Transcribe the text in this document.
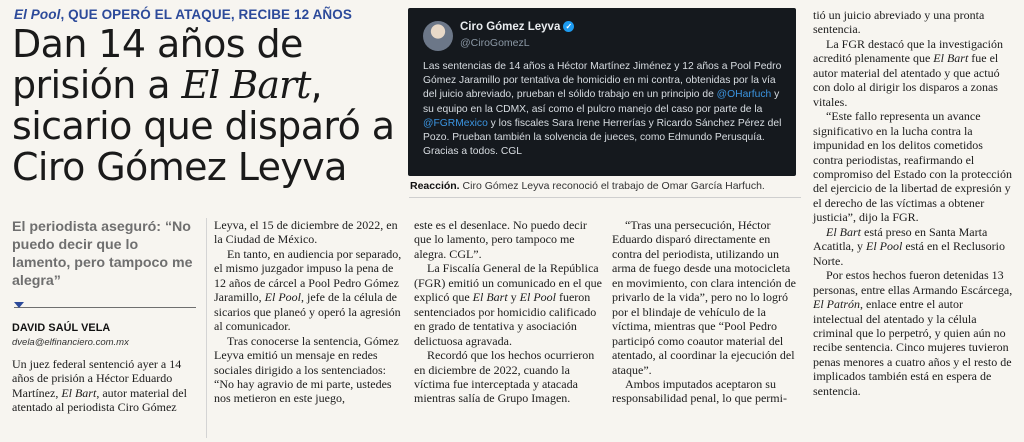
El Pool, QUE OPERÓ EL ATAQUE, RECIBE 12 AÑOS
Dan 14 años de prisión a El Bart, sicario que disparó a Ciro Gómez Leyva
Ciro Gómez Leyva ✓
@CiroGomezL
Las sentencias de 14 años a Héctor Martínez Jiménez y 12 años a Pool Pedro Gómez Jaramillo por tentativa de homicidio en mi contra, obtenidas por la vía del juicio abreviado, prueban el sólido trabajo en un principio de @OHarfuch y su equipo en la CDMX, así como el pulcro manejo del caso por parte de la @FGRMexico y los fiscales Sara Irene Herrerías y Ricardo Sánchez Pérez del Pozo. Prueban también la solvencia de jueces, como Edmundo Perusquía. Gracias a todos. CGL
Reacción. Ciro Gómez Leyva reconoció el trabajo de Omar García Harfuch.
El periodista aseguró: “No puedo decir que lo lamento, pero tampoco me alegra”
DAVID SAÚL VELA
dvela@elfinanciero.com.mx

Un juez federal sentenció ayer a 14 años de prisión a Héctor Eduardo Martínez, El Bart, autor material del atentado al periodista Ciro Gómez

Leyva, el 15 de diciembre de 2022, en la Ciudad de México.

En tanto, en audiencia por separado, el mismo juzgador impuso la pena de 12 años de cárcel a Pool Pedro Gómez Jaramillo, El Pool, jefe de la célula de sicarios que planeó y operó la agresión al comunicador.

Tras conocerse la sentencia, Gómez Leyva emitió un mensaje en redes sociales dirigido a los sentenciados: “No hay agravio de mi parte, ustedes nos metieron en este juego,

este es el desenlace. No puedo decir que lo lamento, pero tampoco me alegra. CGL”.

La Fiscalía General de la República (FGR) emitió un comunicado en el que explicó que El Bart y El Pool fueron sentenciados por homicidio calificado en grado de tentativa y asociación delictuosa agravada.

Recordó que los hechos ocurrieron en diciembre de 2022, cuando la víctima fue interceptada y atacada mientras salía de Grupo Imagen.

“Tras una persecución, Héctor Eduardo disparó directamente en contra del periodista, utilizando un arma de fuego desde una motocicleta en movimiento, con clara intención de privarlo de la vida”, pero no lo logró por el blindaje de vehículo de la víctima, mientras que “Pool Pedro participó como coautor material del atentado, al coordinar la ejecución del ataque”.

Ambos imputados aceptaron su responsabilidad penal, lo que permi-

tió un juicio abreviado y una pronta sentencia.

La FGR destacó que la investigación acreditó plenamente que El Bart fue el autor material del atentado y que actuó con dolo al dirigir los disparos a zonas vitales.

“Este fallo representa un avance significativo en la lucha contra la impunidad en los delitos cometidos contra periodistas, reafirmando el compromiso del Estado con la protección del ejercicio de la libertad de expresión y el derecho de las víctimas a obtener justicia”, dijo la FGR.

El Bart está preso en Santa Marta Acatitla, y El Pool está en el Reclusorio Norte.

Por estos hechos fueron detenidas 13 personas, entre ellas Armando Escárcega, El Patrón, enlace entre el autor intelectual del atentado y la célula criminal que lo perpetró, y quien aún no recibe sentencia. Cinco mujeres tuvieron penas menores a cuatro años y el resto de implicados también está en espera de sentencia.
